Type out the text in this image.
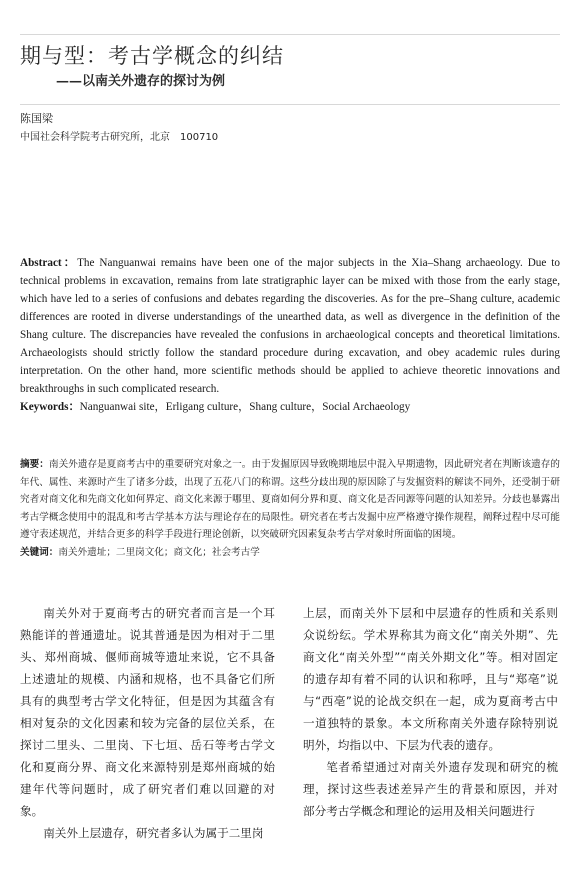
期与型：考古学概念的纠结
——以南关外遗存的探讨为例
陈国梁
中国社会科学院考古研究所，北京　100710

Abstract：The Nanguanwai remains have been one of the major subjects in the Xia–Shang archaeology. Due to technical problems in excavation, remains from late stratigraphic layer can be mixed with those from the early stage, which have led to a series of confusions and debates regarding the discoveries. As for the pre–Shang culture, academic differences are rooted in diverse understandings of the unearthed data, as well as divergence in the definition of the Shang culture. The discrepancies have revealed the confusions in archaeological concepts and theoretical limitations. Archaeologists should strictly follow the standard procedure during excavation, and obey academic rules during interpretation. On the other hand, more scientific methods should be applied to achieve theoretic innovations and breakthroughs in such complicated research.

Keywords：Nanguanwai site，Erligang culture，Shang culture，Social Archaeology

摘要：南关外遗存是夏商考古中的重要研究对象之一。由于发掘原因导致晚期地层中混入早期遗物，因此研究者在判断该遗存的年代、属性、来源时产生了诸多分歧，出现了五花八门的称谓。这些分歧出现的原因除了与发掘资料的解读不同外，还受制于研究者对商文化和先商文化如何界定、商文化来源于哪里、夏商如何分界和夏、商文化是否同源等问题的认知差异。分歧也暴露出考古学概念使用中的混乱和考古学基本方法与理论存在的局限性。研究者在考古发掘中应严格遵守操作规程，阐释过程中尽可能遵守表述规范，并结合更多的科学手段进行理论创新，以突破研究因素复杂考古学对象时所面临的困境。

关键词：南关外遗址；二里岗文化；商文化；社会考古学

南关外对于夏商考古的研究者而言是一个耳熟能详的普通遗址。说其普通是因为相对于二里头、郑州商城、偃师商城等遗址来说，它不具备上述遗址的规模、内涵和规格，也不具备它们所具有的典型考古学文化特征，但是因为其蕴含有相对复杂的文化因素和较为完备的层位关系，在探讨二里头、二里岗、下七垣、岳石等考古学文化和夏商分界、商文化来源特别是郑州商城的始建年代等问题时，成了研究者们难以回避的对象。

南关外上层遗存，研究者多认为属于二里岗

上层，而南关外下层和中层遗存的性质和关系则众说纷纭。学术界称其为商文化“南关外期”、先商文化“南关外型”“南关外期文化”等。相对固定的遗存却有着不同的认识和称呼，且与“郑亳”说与“西亳”说的论战交织在一起，成为夏商考古中一道独特的景象。本文所称南关外遗存除特别说明外，均指以中、下层为代表的遗存。

笔者希望通过对南关外遗存发现和研究的梳理，探讨这些表述差异产生的背景和原因，并对部分考古学概念和理论的运用及相关问题进行
